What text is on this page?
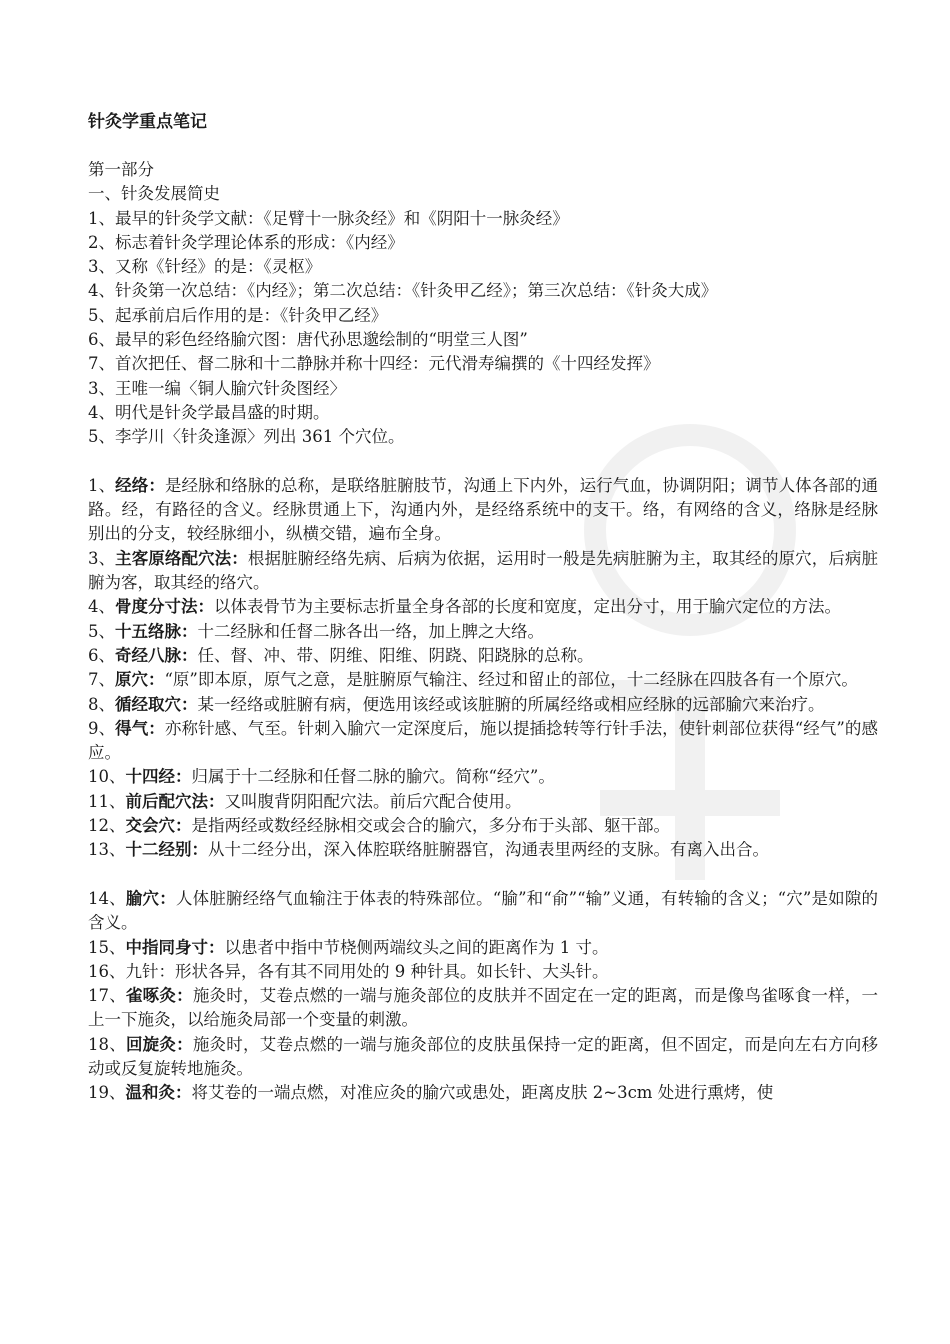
针灸学重点笔记
第一部分
一、针灸发展简史
1、最早的针灸学文献：《足臂十一脉灸经》和《阴阳十一脉灸经》
2、标志着针灸学理论体系的形成：《内经》
3、又称《针经》的是：《灵枢》
4、针灸第一次总结：《内经》；第二次总结：《针灸甲乙经》；第三次总结：《针灸大成》
5、起承前启后作用的是：《针灸甲乙经》
6、最早的彩色经络腧穴图：唐代孙思邈绘制的“明堂三人图”
7、首次把任、督二脉和十二静脉并称十四经：元代滑寿编撰的《十四经发挥》
3、王唯一编〈铜人腧穴针灸图经〉
4、明代是针灸学最昌盛的时期。
5、李学川〈针灸逢源〉列出 361 个穴位。
1、经络：是经脉和络脉的总称，是联络脏腑肢节，沟通上下内外，运行气血，协调阴阳；调节人体各部的通路。经，有路径的含义。经脉贯通上下，沟通内外，是经络系统中的支干。络，有网络的含义，络脉是经脉别出的分支，较经脉细小，纵横交错，遍布全身。
3、主客原络配穴法：根据脏腑经络先病、后病为依据，运用时一般是先病脏腑为主，取其经的原穴，后病脏腑为客，取其经的络穴。
4、骨度分寸法：以体表骨节为主要标志折量全身各部的长度和宽度，定出分寸，用于腧穴定位的方法。
5、十五络脉：十二经脉和任督二脉各出一络，加上脾之大络。
6、奇经八脉：任、督、冲、带、阴维、阳维、阴跷、阳跷脉的总称。
7、原穴：“原”即本原，原气之意，是脏腑原气输注、经过和留止的部位，十二经脉在四肢各有一个原穴。
8、循经取穴：某一经络或脏腑有病，便选用该经或该脏腑的所属经络或相应经脉的远部腧穴来治疗。
9、得气：亦称针感、气至。针刺入腧穴一定深度后，施以提插捻转等行针手法，使针刺部位获得“经气”的感应。
10、十四经：归属于十二经脉和任督二脉的腧穴。简称“经穴”。
11、前后配穴法：又叫腹背阴阳配穴法。前后穴配合使用。
12、交会穴：是指两经或数经经脉相交或会合的腧穴，多分布于头部、躯干部。
13、十二经别：从十二经分出，深入体腔联络脏腑器官，沟通表里两经的支脉。有离入出合。
14、腧穴：人体脏腑经络气血输注于体表的特殊部位。“腧”和“俞”“输”义通，有转输的含义；“穴”是如隙的含义。
15、中指同身寸：以患者中指中节桡侧两端纹头之间的距离作为 1 寸。
16、九针：形状各异，各有其不同用处的 9 种针具。如长针、大头针。
17、雀啄灸：施灸时，艾卷点燃的一端与施灸部位的皮肤并不固定在一定的距离，而是像鸟雀啄食一样，一上一下施灸，以给施灸局部一个变量的刺激。
18、回旋灸：施灸时，艾卷点燃的一端与施灸部位的皮肤虽保持一定的距离，但不固定，而是向左右方向移动或反复旋转地施灸。
19、温和灸：将艾卷的一端点燃，对准应灸的腧穴或患处，距离皮肤 2~3cm 处进行熏烤，使
